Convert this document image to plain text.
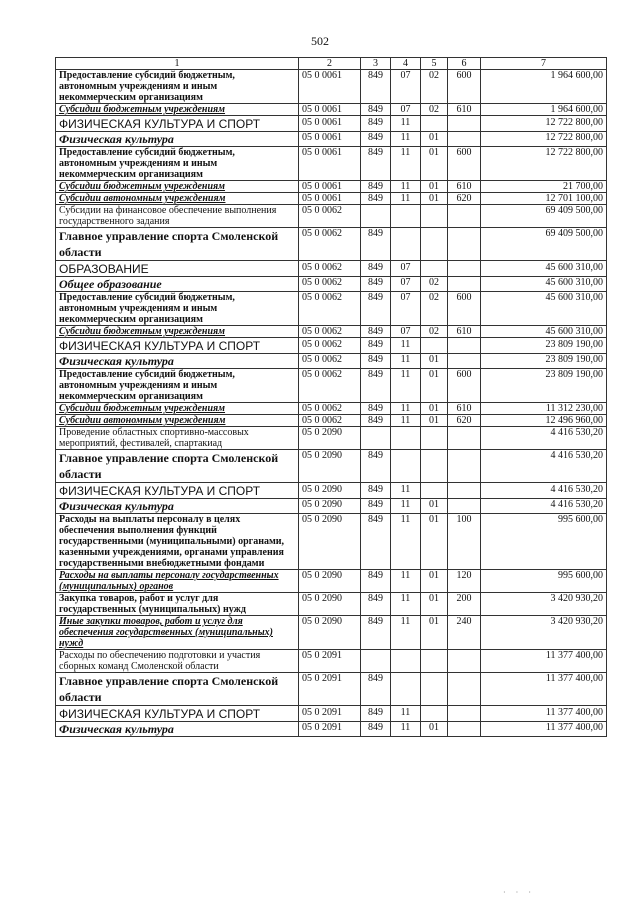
502
1	2	3	4	5	6	7
Предоставление субсидий бюджетным, автономным учреждениям и иным некоммерческим организациям	05 0 0061	849	07	02	600	1 964 600,00
Субсидии бюджетным учреждениям	05 0 0061	849	07	02	610	1 964 600,00
ФИЗИЧЕСКАЯ КУЛЬТУРА И СПОРТ	05 0 0061	849	11			12 722 800,00
Физическая культура	05 0 0061	849	11	01		12 722 800,00
Предоставление субсидий бюджетным, автономным учреждениям и иным некоммерческим организациям	05 0 0061	849	11	01	600	12 722 800,00
Субсидии бюджетным учреждениям	05 0 0061	849	11	01	610	21 700,00
Субсидии автономным учреждениям	05 0 0061	849	11	01	620	12 701 100,00
Субсидии на финансовое обеспечение выполнения государственного задания	05 0 0062					69 409 500,00
Главное управление спорта Смоленской области	05 0 0062	849				69 409 500,00
ОБРАЗОВАНИЕ	05 0 0062	849	07			45 600 310,00
Общее образование	05 0 0062	849	07	02		45 600 310,00
Предоставление субсидий бюджетным, автономным учреждениям и иным некоммерческим организациям	05 0 0062	849	07	02	600	45 600 310,00
Субсидии бюджетным учреждениям	05 0 0062	849	07	02	610	45 600 310,00
ФИЗИЧЕСКАЯ КУЛЬТУРА И СПОРТ	05 0 0062	849	11			23 809 190,00
Физическая культура	05 0 0062	849	11	01		23 809 190,00
Предоставление субсидий бюджетным, автономным учреждениям и иным некоммерческим организациям	05 0 0062	849	11	01	600	23 809 190,00
Субсидии бюджетным учреждениям	05 0 0062	849	11	01	610	11 312 230,00
Субсидии автономным учреждениям	05 0 0062	849	11	01	620	12 496 960,00
Проведение областных спортивно-массовых мероприятий, фестивалей, спартакиад	05 0 2090					4 416 530,20
Главное управление спорта Смоленской области	05 0 2090	849				4 416 530,20
ФИЗИЧЕСКАЯ КУЛЬТУРА И СПОРТ	05 0 2090	849	11			4 416 530,20
Физическая культура	05 0 2090	849	11	01		4 416 530,20
Расходы на выплаты персоналу в целях обеспечения выполнения функций государственными (муниципальными) органами, казенными учреждениями, органами управления государственными внебюджетными фондами	05 0 2090	849	11	01	100	995 600,00
Расходы на выплаты персоналу государственных (муниципальных) органов	05 0 2090	849	11	01	120	995 600,00
Закупка товаров, работ и услуг для государственных (муниципальных) нужд	05 0 2090	849	11	01	200	3 420 930,20
Иные закупки товаров, работ и услуг для обеспечения государственных (муниципальных) нужд	05 0 2090	849	11	01	240	3 420 930,20
Расходы по обеспечению подготовки и участия сборных команд Смоленской области	05 0 2091					11 377 400,00
Главное управление спорта Смоленской области	05 0 2091	849				11 377 400,00
ФИЗИЧЕСКАЯ КУЛЬТУРА И СПОРТ	05 0 2091	849	11			11 377 400,00
Физическая культура	05 0 2091	849	11	01		11 377 400,00
· · ·
